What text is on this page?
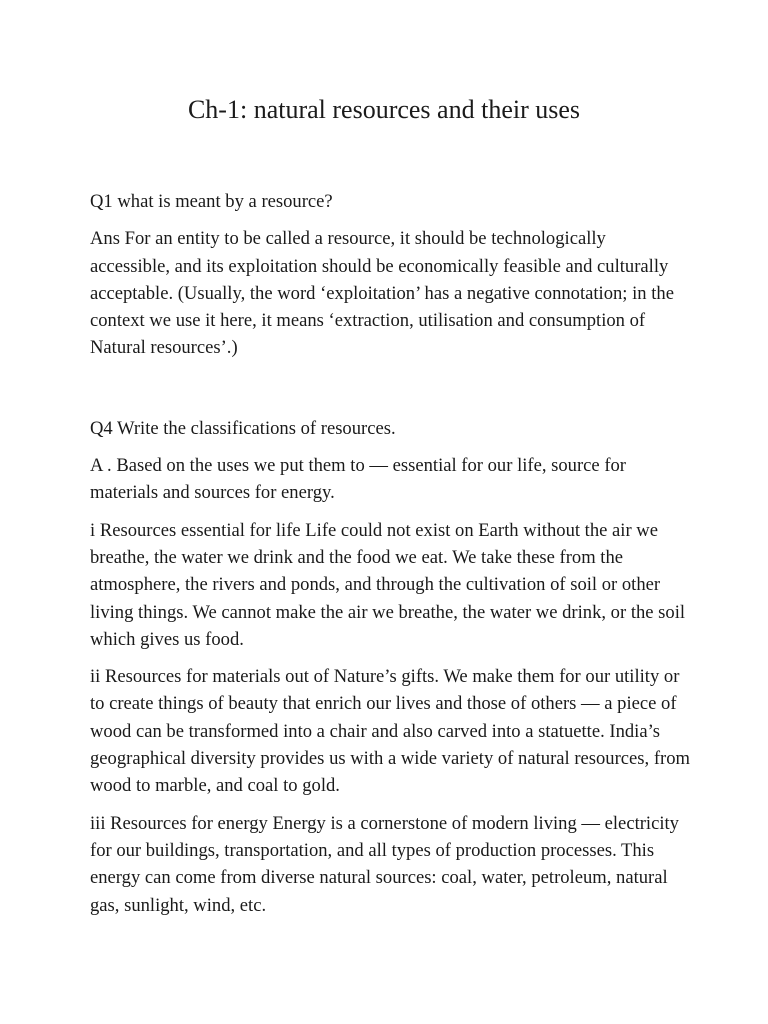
Ch-1: natural resources and their uses

Q1 what is meant by a resource?

Ans For an entity to be called a resource, it should be technologically accessible, and its exploitation should be economically feasible and culturally acceptable. (Usually, the word ‘exploitation’ has a negative connotation; in the context we use it here, it means ‘extraction, utilisation and consumption of Natural resources’.)

Q4 Write the classifications of resources.

A . Based on the uses we put them to — essential for our life, source for materials and sources for energy.

i Resources essential for life Life could not exist on Earth without the air we breathe, the water we drink and the food we eat. We take these from the atmosphere, the rivers and ponds, and through the cultivation of soil or other living things. We cannot make the air we breathe, the water we drink, or the soil which gives us food.

ii Resources for materials out of Nature’s gifts. We make them for our utility or to create things of beauty that enrich our lives and those of others — a piece of wood can be transformed into a chair and also carved into a statuette. India’s geographical diversity provides us with a wide variety of natural resources, from wood to marble, and coal to gold.

iii Resources for energy Energy is a cornerstone of modern living — electricity for our buildings, transportation, and all types of production processes. This energy can come from diverse natural sources: coal, water, petroleum, natural gas, sunlight, wind, etc.
